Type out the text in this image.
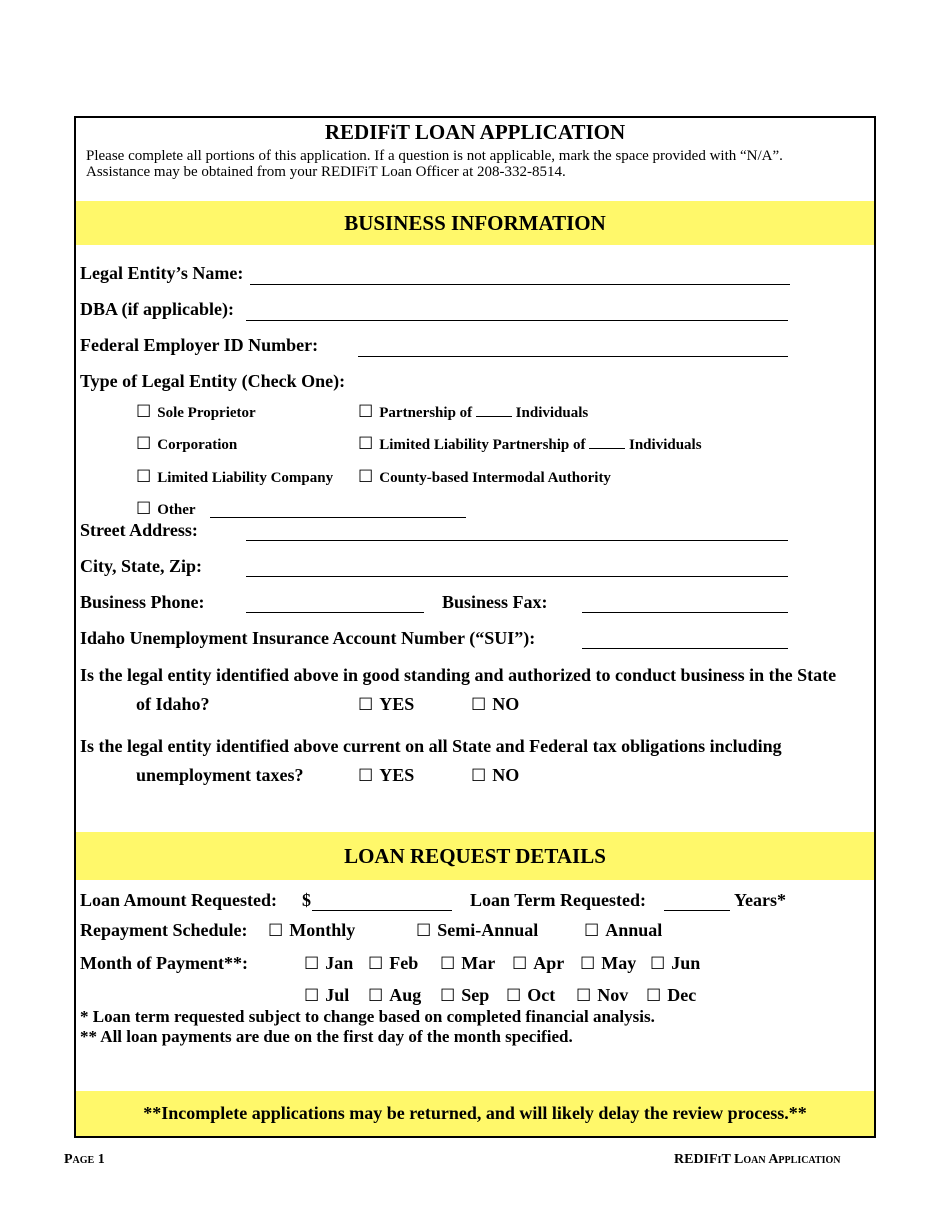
REDIFiT LOAN APPLICATION
Please complete all portions of this application. If a question is not applicable, mark the space provided with “N/A”.
Assistance may be obtained from your REDIFiT Loan Officer at 208-332-8514.
BUSINESS INFORMATION
Legal Entity’s Name:
DBA (if applicable):
Federal Employer ID Number:
Type of Legal Entity (Check One):
☐ Sole Proprietor	☐ Partnership of	Individuals
☐ Corporation	☐ Limited Liability Partnership of	Individuals
☐ Limited Liability Company ☐ County-based Intermodal Authority
☐ Other
Street Address:
City, State, Zip:
Business Phone:	Business Fax:
Idaho Unemployment Insurance Account Number (“SUI”):
Is the legal entity identified above in good standing and authorized to conduct business in the State
of Idaho?	☐ YES	☐ NO
Is the legal entity identified above current on all State and Federal tax obligations including
unemployment taxes?	☐ YES	☐ NO
LOAN REQUEST DETAILS
Loan Amount Requested: $	Loan Term Requested:	Years*
Repayment Schedule: ☐ Monthly	☐ Semi-Annual	☐ Annual
Month of Payment**:	☐ Jan ☐ Feb ☐ Mar ☐ Apr ☐ May ☐ Jun
☐ Jul ☐ Aug ☐ Sep ☐ Oct ☐ Nov ☐ Dec
* Loan term requested subject to change based on completed financial analysis.
** All loan payments are due on the first day of the month specified.
**Incomplete applications may be returned, and will likely delay the review process.**
Page 1	REDIFiT Loan Application
